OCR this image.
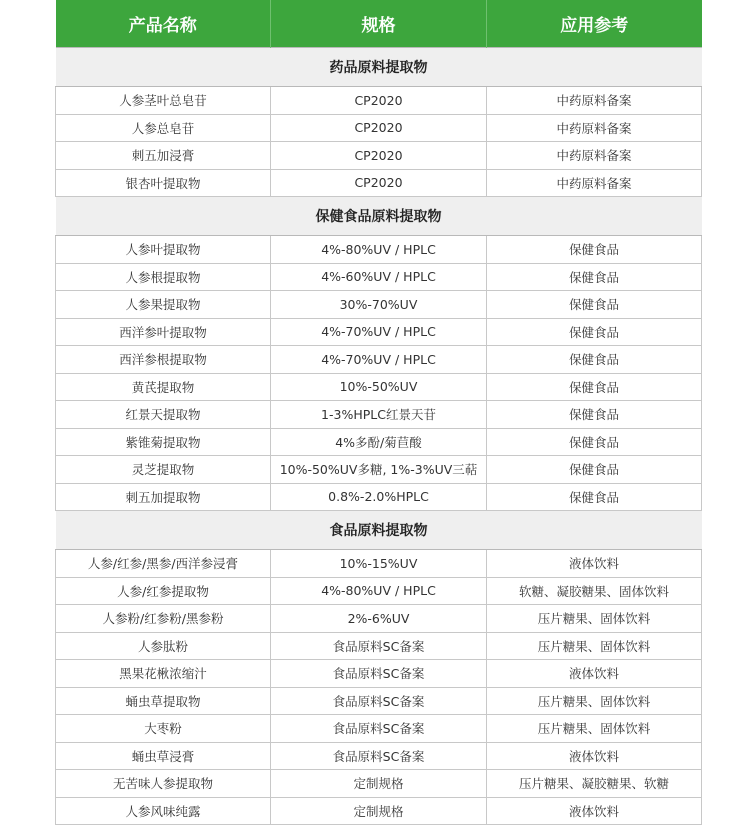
产品名称	规格	应用参考
药品原料提取物		
人参茎叶总皂苷	CP2020	中药原料备案
人参总皂苷	CP2020	中药原料备案
刺五加浸膏	CP2020	中药原料备案
银杏叶提取物	CP2020	中药原料备案
保健食品原料提取物		
人参叶提取物	4%-80%UV / HPLC	保健食品
人参根提取物	4%-60%UV / HPLC	保健食品
人参果提取物	30%-70%UV	保健食品
西洋参叶提取物	4%-70%UV / HPLC	保健食品
西洋参根提取物	4%-70%UV / HPLC	保健食品
黄芪提取物	10%-50%UV	保健食品
红景天提取物	1-3%HPLC红景天苷	保健食品
紫锥菊提取物	4%多酚/菊苣酸	保健食品
灵芝提取物	10%-50%UV多糖, 1%-3%UV三萜	保健食品
刺五加提取物	0.8%-2.0%HPLC	保健食品
食品原料提取物		
人参/红参/黑参/西洋参浸膏	10%-15%UV	液体饮料
人参/红参提取物	4%-80%UV / HPLC	软糖、凝胶糖果、固体饮料
人参粉/红参粉/黑参粉	2%-6%UV	压片糖果、固体饮料
人参肽粉	食品原料SC备案	压片糖果、固体饮料
黑果花楸浓缩汁	食品原料SC备案	液体饮料
蛹虫草提取物	食品原料SC备案	压片糖果、固体饮料
大枣粉	食品原料SC备案	压片糖果、固体饮料
蛹虫草浸膏	食品原料SC备案	液体饮料
无苦味人参提取物	定制规格	压片糖果、凝胶糖果、软糖
人参风味纯露	定制规格	液体饮料
